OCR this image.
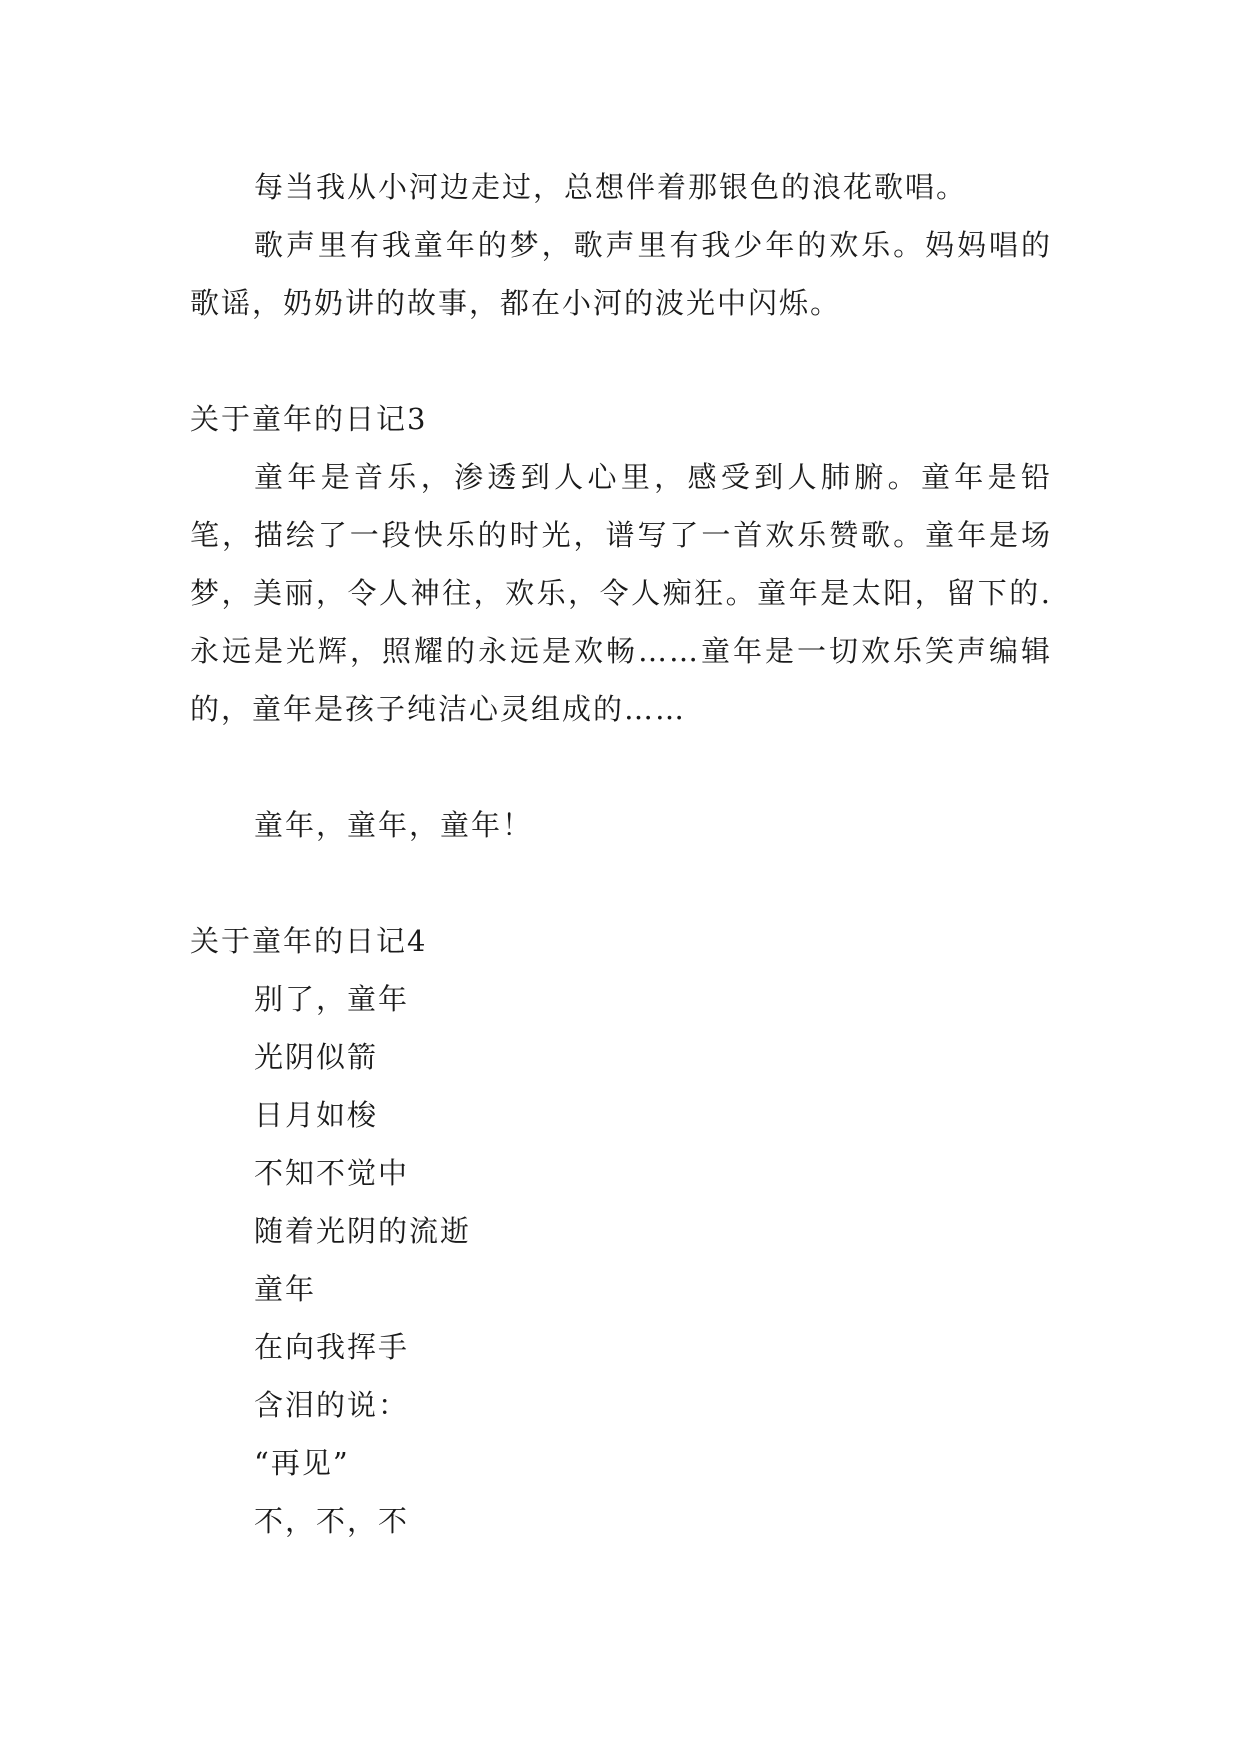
每当我从小河边走过，总想伴着那银色的浪花歌唱。

歌声里有我童年的梦，歌声里有我少年的欢乐。妈妈唱的歌谣，奶奶讲的故事，都在小河的波光中闪烁。

关于童年的日记3

童年是音乐，渗透到人心里，感受到人肺腑。童年是铅笔，描绘了一段快乐的时光，谱写了一首欢乐赞歌。童年是场梦，美丽，令人神往，欢乐，令人痴狂。童年是太阳，留下的.永远是光辉，照耀的永远是欢畅……童年是一切欢乐笑声编辑的，童年是孩子纯洁心灵组成的……

童年，童年，童年！

关于童年的日记4

别了，童年

光阴似箭

日月如梭

不知不觉中

随着光阴的流逝

童年

在向我挥手

含泪的说：

“再见”

不，不，不
